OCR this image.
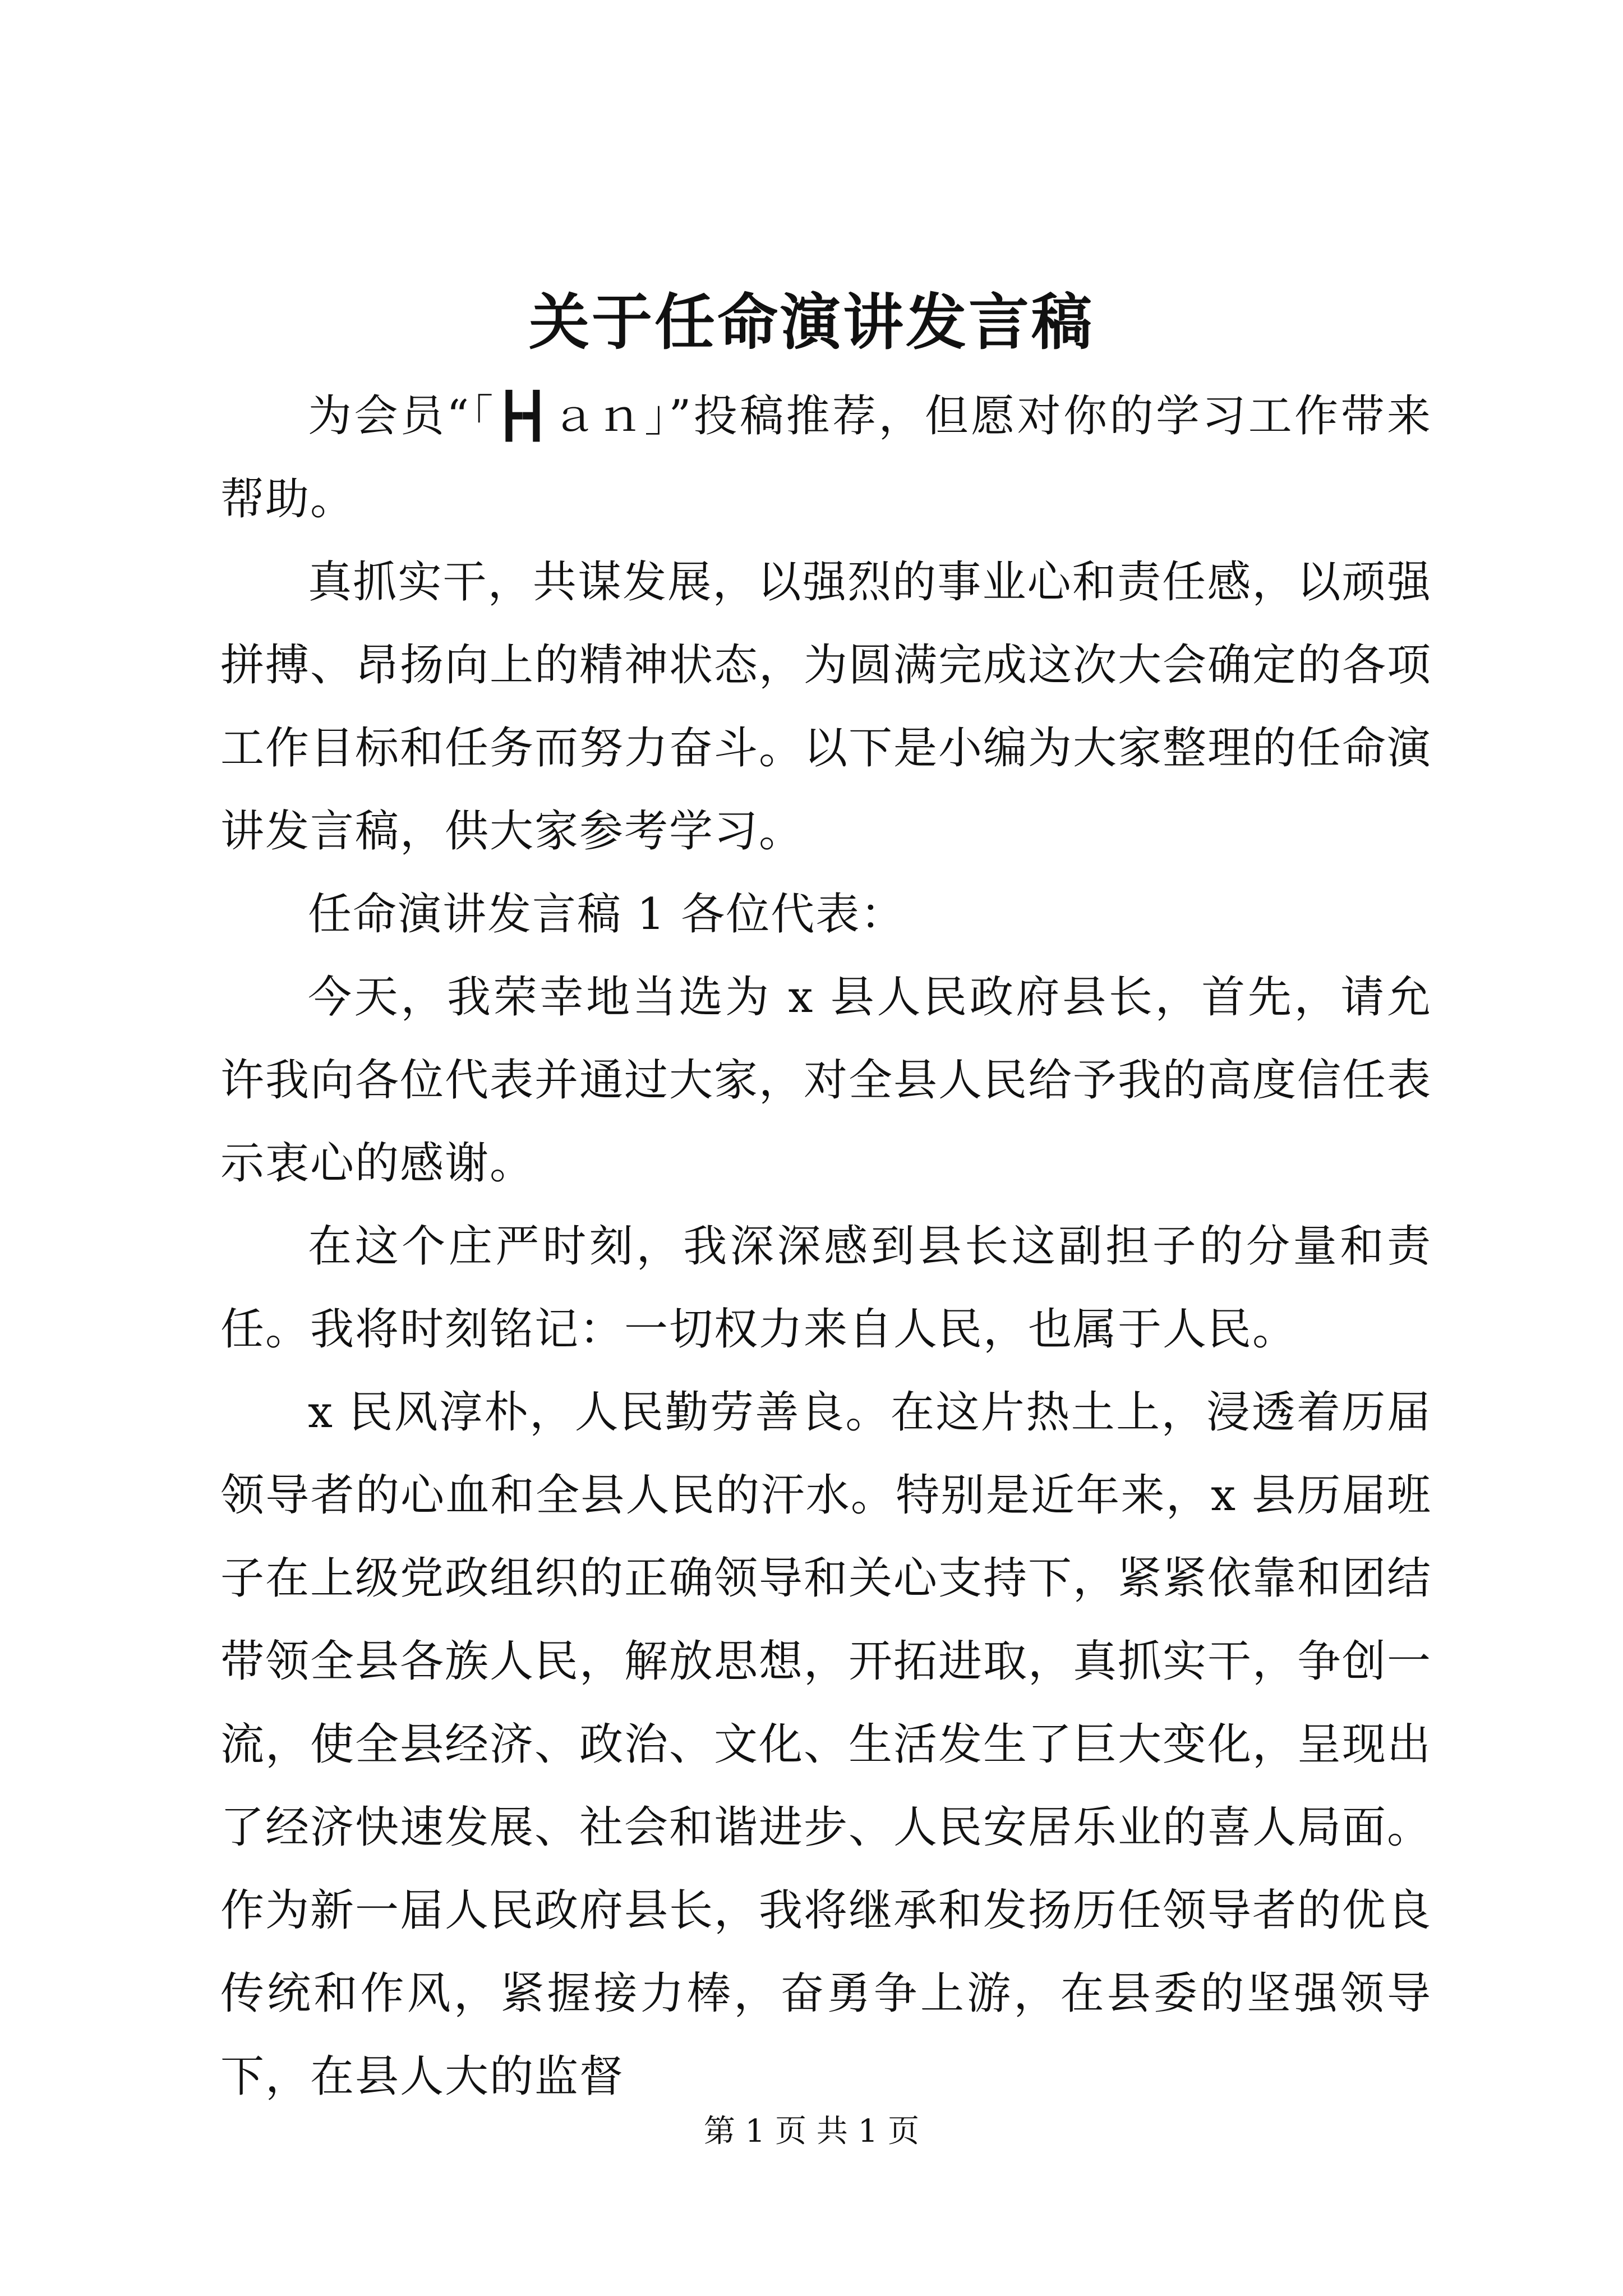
关于任命演讲发言稿

为会员“「┣┫ａｎ」”投稿推荐，但愿对你的学习工作带来帮助。

真抓实干，共谋发展，以强烈的事业心和责任感，以顽强拼搏、昂扬向上的精神状态，为圆满完成这次大会确定的各项工作目标和任务而努力奋斗。以下是小编为大家整理的任命演讲发言稿，供大家参考学习。

任命演讲发言稿 1 各位代表：

今天，我荣幸地当选为 x 县人民政府县长，首先，请允许我向各位代表并通过大家，对全县人民给予我的高度信任表示衷心的感谢。

在这个庄严时刻，我深深感到县长这副担子的分量和责任。我将时刻铭记：一切权力来自人民，也属于人民。

x 民风淳朴，人民勤劳善良。在这片热土上，浸透着历届领导者的心血和全县人民的汗水。特别是近年来，x 县历届班子在上级党政组织的正确领导和关心支持下，紧紧依靠和团结带领全县各族人民，解放思想，开拓进取，真抓实干，争创一流，使全县经济、政治、文化、生活发生了巨大变化，呈现出了经济快速发展、社会和谐进步、人民安居乐业的喜人局面。作为新一届人民政府县长，我将继承和发扬历任领导者的优良传统和作风，紧握接力棒，奋勇争上游，在县委的坚强领导下，在县人大的监督

第 1 页 共 1 页
